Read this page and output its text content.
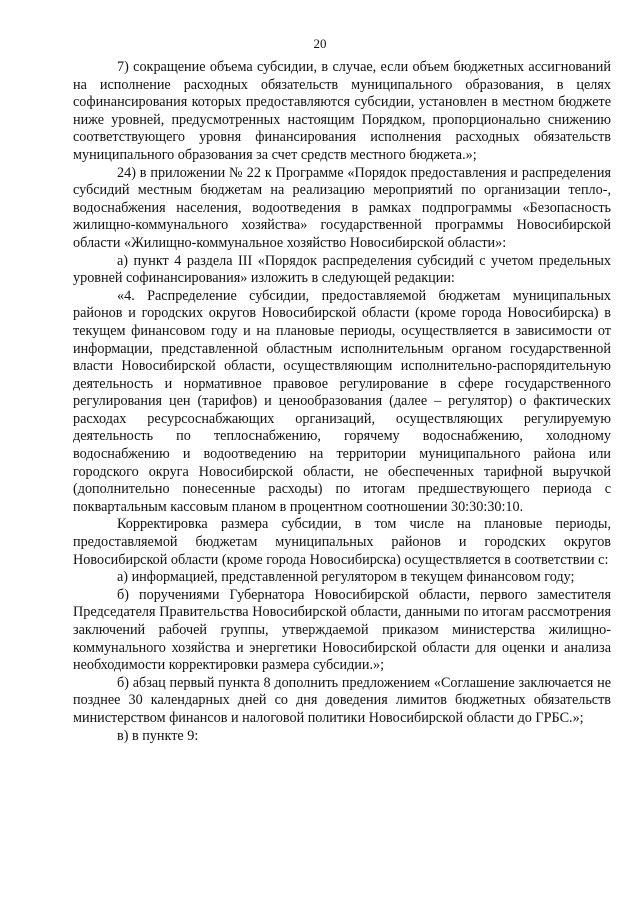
20

7) сокращение объема субсидии, в случае, если объем бюджетных ассигнований на исполнение расходных обязательств муниципального образования, в целях софинансирования которых предоставляются субсидии, установлен в местном бюджете ниже уровней, предусмотренных настоящим Порядком, пропорционально снижению соответствующего уровня финансирования исполнения расходных обязательств муниципального образования за счет средств местного бюджета.»;

24) в приложении № 22 к Программе «Порядок предоставления и распределения субсидий местным бюджетам на реализацию мероприятий по организации тепло-, водоснабжения населения, водоотведения в рамках подпрограммы «Безопасность жилищно-коммунального хозяйства» государственной программы Новосибирской области «Жилищно-коммунальное хозяйство Новосибирской области»:

а) пункт 4 раздела III «Порядок распределения субсидий с учетом предельных уровней софинансирования» изложить в следующей редакции:

«4. Распределение субсидии, предоставляемой бюджетам муниципальных районов и городских округов Новосибирской области (кроме города Новосибирска) в текущем финансовом году и на плановые периоды, осуществляется в зависимости от информации, представленной областным исполнительным органом государственной власти Новосибирской области, осуществляющим исполнительно-распорядительную деятельность и нормативное правовое регулирование в сфере государственного регулирования цен (тарифов) и ценообразования (далее – регулятор) о фактических расходах ресурсоснабжающих организаций, осуществляющих регулируемую деятельность по теплоснабжению, горячему водоснабжению, холодному водоснабжению и водоотведению на территории муниципального района или городского округа Новосибирской области, не обеспеченных тарифной выручкой (дополнительно понесенные расходы) по итогам предшествующего периода с поквартальным кассовым планом в процентном соотношении 30:30:30:10.

Корректировка размера субсидии, в том числе на плановые периоды, предоставляемой бюджетам муниципальных районов и городских округов Новосибирской области (кроме города Новосибирска) осуществляется в соответствии с:

а) информацией, представленной регулятором в текущем финансовом году;

б) поручениями Губернатора Новосибирской области, первого заместителя Председателя Правительства Новосибирской области, данными по итогам рассмотрения заключений рабочей группы, утверждаемой приказом министерства жилищно-коммунального хозяйства и энергетики Новосибирской области для оценки и анализа необходимости корректировки размера субсидии.»;

б) абзац первый пункта 8 дополнить предложением «Соглашение заключается не позднее 30 календарных дней со дня доведения лимитов бюджетных обязательств министерством финансов и налоговой политики Новосибирской области до ГРБС.»;

в) в пункте 9:
